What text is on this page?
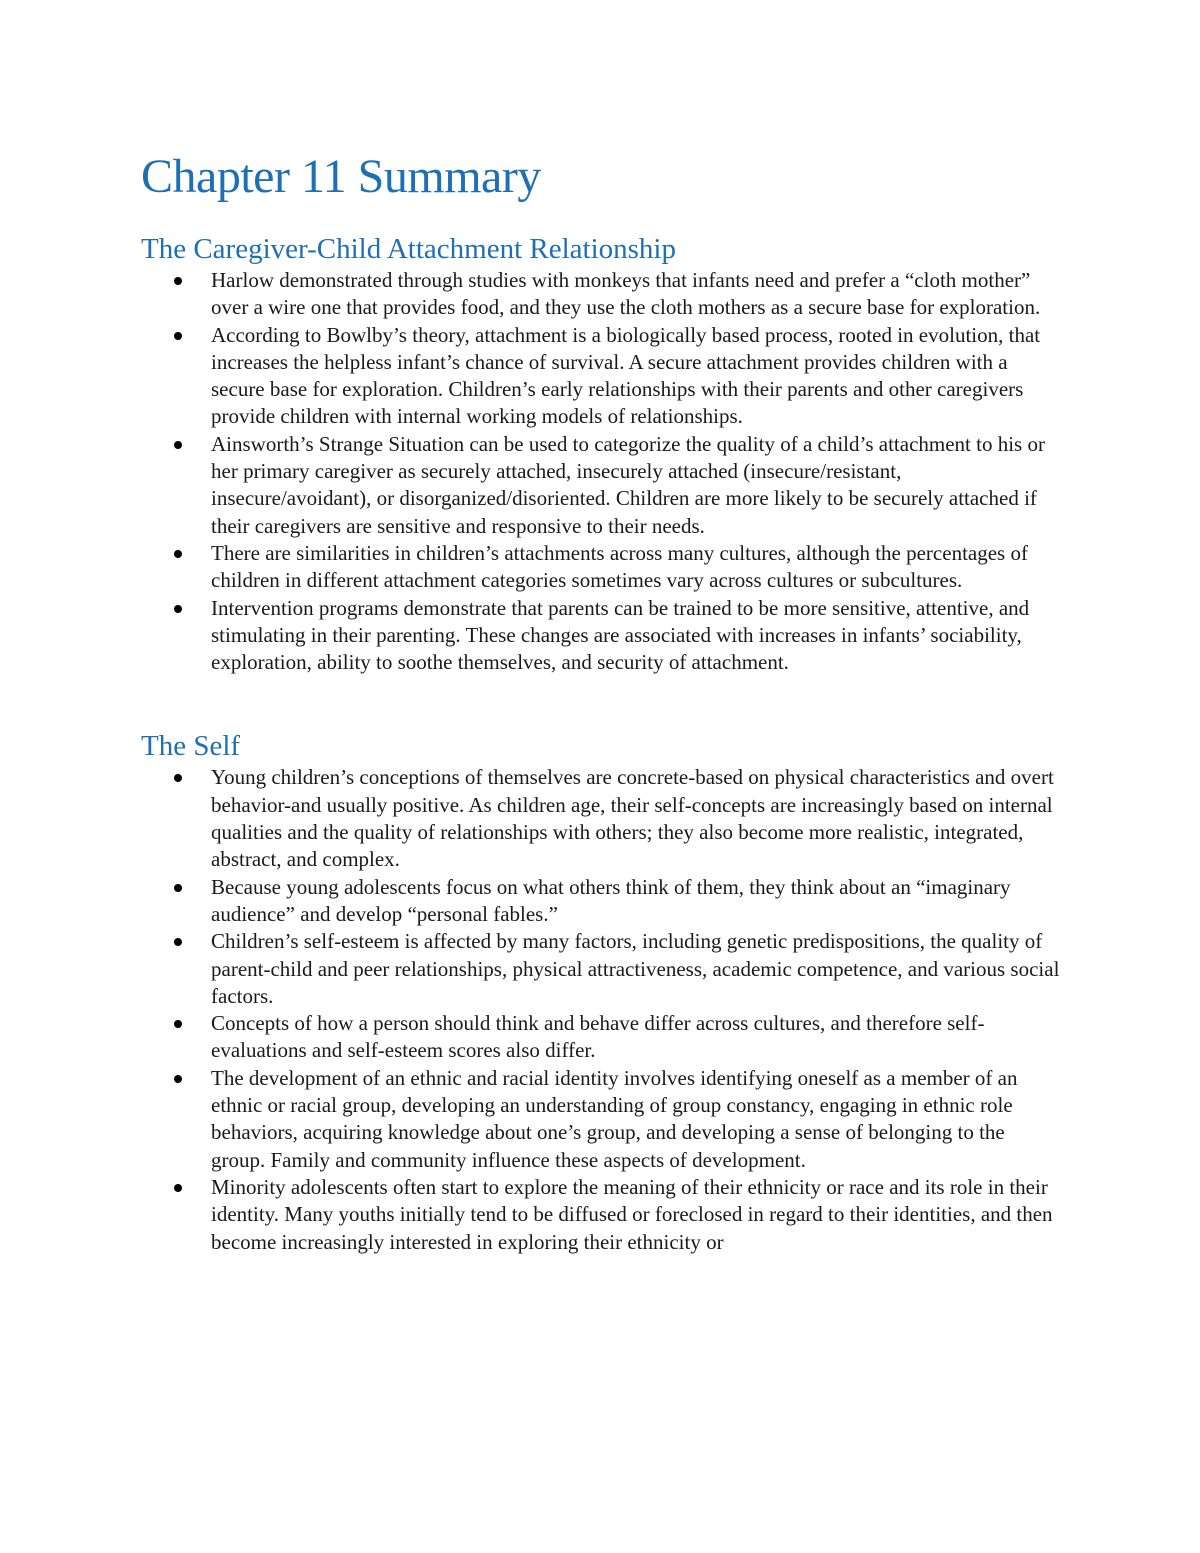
Chapter 11 Summary
The Caregiver-Child Attachment Relationship
Harlow demonstrated through studies with monkeys that infants need and prefer a “cloth mother” over a wire one that provides food, and they use the cloth mothers as a secure base for exploration.
According to Bowlby’s theory, attachment is a biologically based process, rooted in evolution, that increases the helpless infant’s chance of survival. A secure attachment provides children with a secure base for exploration. Children’s early relationships with their parents and other caregivers provide children with internal working models of relationships.
Ainsworth’s Strange Situation can be used to categorize the quality of a child’s attachment to his or her primary caregiver as securely attached, insecurely attached (insecure/resistant, insecure/avoidant), or disorganized/disoriented. Children are more likely to be securely attached if their caregivers are sensitive and responsive to their needs.
There are similarities in children’s attachments across many cultures, although the percentages of children in different attachment categories sometimes vary across cultures or subcultures.
Intervention programs demonstrate that parents can be trained to be more sensitive, attentive, and stimulating in their parenting. These changes are associated with increases in infants’ sociability, exploration, ability to soothe themselves, and security of attachment.
The Self
Young children’s conceptions of themselves are concrete-based on physical characteristics and overt behavior-and usually positive. As children age, their self-concepts are increasingly based on internal qualities and the quality of relationships with others; they also become more realistic, integrated, abstract, and complex.
Because young adolescents focus on what others think of them, they think about an “imaginary audience” and develop “personal fables.”
Children’s self-esteem is affected by many factors, including genetic predispositions, the quality of parent-child and peer relationships, physical attractiveness, academic competence, and various social factors.
Concepts of how a person should think and behave differ across cultures, and therefore self-evaluations and self-esteem scores also differ.
The development of an ethnic and racial identity involves identifying oneself as a member of an ethnic or racial group, developing an understanding of group constancy, engaging in ethnic role behaviors, acquiring knowledge about one’s group, and developing a sense of belonging to the group. Family and community influence these aspects of development.
Minority adolescents often start to explore the meaning of their ethnicity or race and its role in their identity. Many youths initially tend to be diffused or foreclosed in regard to their identities, and then become increasingly interested in exploring their ethnicity or
